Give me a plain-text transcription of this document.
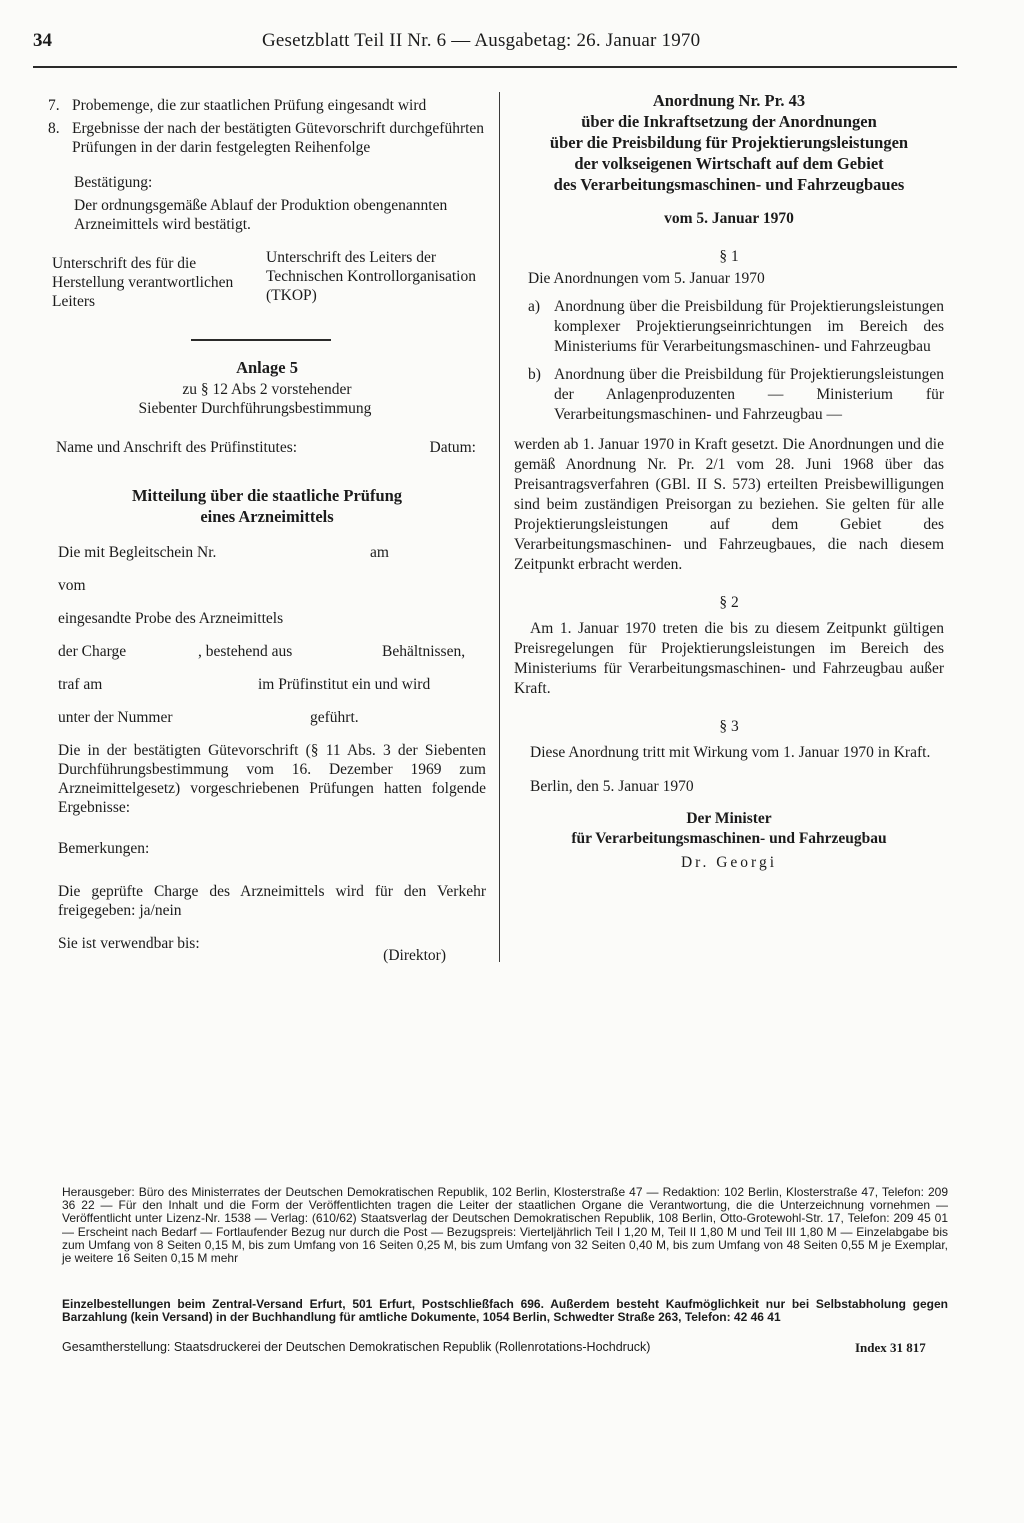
34	Gesetzblatt Teil II Nr. 6 — Ausgabetag: 26. Januar 1970
7. Probemenge, die zur staatlichen Prüfung eingesandt wird
8. Ergebnisse der nach der bestätigten Gütevorschrift durchgeführten Prüfungen in der darin festgelegten Reihenfolge
Bestätigung:
Der ordnungsgemäße Ablauf der Produktion obengenannten Arzneimittels wird bestätigt.
Unterschrift des für die Herstellung verantwortlichen Leiters
Unterschrift des Leiters der Technischen Kontrollorganisation (TKOP)
Anlage 5
zu § 12 Abs 2 vorstehender
Siebenter Durchführungsbestimmung
Name und Anschrift des Prüfinstitutes:	Datum:
Mitteilung über die staatliche Prüfung
eines Arzneimittels
Die mit Begleitschein Nr.	am
vom
eingesandte Probe des Arzneimittels
der Charge	, bestehend aus	Behältnissen,
traf am	im Prüfinstitut ein und wird
unter der Nummer	geführt.
Die in der bestätigten Gütevorschrift (§ 11 Abs. 3 der Siebenten Durchführungsbestimmung vom 16. Dezember 1969 zum Arzneimittelgesetz) vorgeschriebenen Prüfungen hatten folgende Ergebnisse:
Bemerkungen:
Die geprüfte Charge des Arzneimittels wird für den Verkehr freigegeben: ja/nein
Sie ist verwendbar bis:
(Direktor)
Anordnung Nr. Pr. 43
über die Inkraftsetzung der Anordnungen
über die Preisbildung für Projektierungsleistungen
der volkseigenen Wirtschaft auf dem Gebiet
des Verarbeitungsmaschinen- und Fahrzeugbaues
vom 5. Januar 1970
§ 1
Die Anordnungen vom 5. Januar 1970
a) Anordnung über die Preisbildung für Projektierungsleistungen komplexer Projektierungseinrichtungen im Bereich des Ministeriums für Verarbeitungsmaschinen- und Fahrzeugbau
b) Anordnung über die Preisbildung für Projektierungsleistungen der Anlagenproduzenten — Ministerium für Verarbeitungsmaschinen- und Fahrzeugbau —
werden ab 1. Januar 1970 in Kraft gesetzt. Die Anordnungen und die gemäß Anordnung Nr. Pr. 2/1 vom 28. Juni 1968 über das Preisantragsverfahren (GBl. II S. 573) erteilten Preisbewilligungen sind beim zuständigen Preisorgan zu beziehen. Sie gelten für alle Projektierungsleistungen auf dem Gebiet des Verarbeitungsmaschinen- und Fahrzeugbaues, die nach diesem Zeitpunkt erbracht werden.
§ 2
Am 1. Januar 1970 treten die bis zu diesem Zeitpunkt gültigen Preisregelungen für Projektierungsleistungen im Bereich des Ministeriums für Verarbeitungsmaschinen- und Fahrzeugbau außer Kraft.
§ 3
Diese Anordnung tritt mit Wirkung vom 1. Januar 1970 in Kraft.
Berlin, den 5. Januar 1970
Der Minister
für Verarbeitungsmaschinen- und Fahrzeugbau
Dr. Georgi
Herausgeber: Büro des Ministerrates der Deutschen Demokratischen Republik, 102 Berlin, Klosterstraße 47 — Redaktion: 102 Berlin, Klosterstraße 47, Telefon: 209 36 22 — Für den Inhalt und die Form der Veröffentlichten tragen die Leiter der staatlichen Organe die Verantwortung, die die Unterzeichnung vornehmen — Veröffentlicht unter Lizenz-Nr. 1538 — Verlag: (610/62) Staatsverlag der Deutschen Demokratischen Republik, 108 Berlin, Otto-Grotewohl-Str. 17, Telefon: 209 45 01 — Erscheint nach Bedarf — Fortlaufender Bezug nur durch die Post — Bezugspreis: Vierteljährlich Teil I 1,20 M, Teil II 1,80 M und Teil III 1,80 M — Einzelabgabe bis zum Umfang von 8 Seiten 0,15 M, bis zum Umfang von 16 Seiten 0,25 M, bis zum Umfang von 32 Seiten 0,40 M, bis zum Umfang von 48 Seiten 0,55 M je Exemplar, je weitere 16 Seiten 0,15 M mehr
Einzelbestellungen beim Zentral-Versand Erfurt, 501 Erfurt, Postschließfach 696. Außerdem besteht Kaufmöglichkeit nur bei Selbstabholung gegen Barzahlung (kein Versand) in der Buchhandlung für amtliche Dokumente, 1054 Berlin, Schwedter Straße 263, Telefon: 42 46 41
Gesamtherstellung: Staatsdruckerei der Deutschen Demokratischen Republik (Rollenrotations-Hochdruck)	Index 31 817
